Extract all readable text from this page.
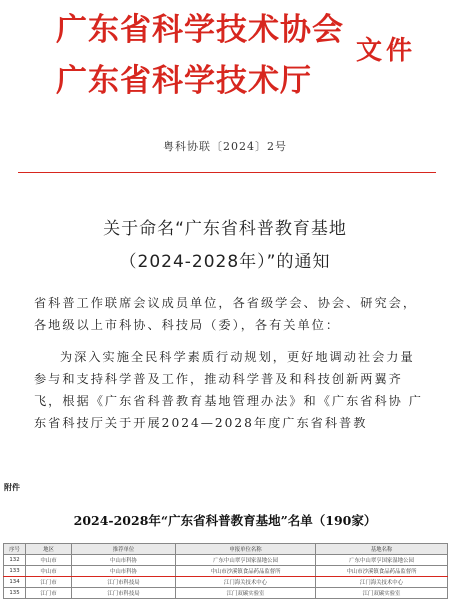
广东省科学技术协会
广东省科学技术厅
文件
粤科协联〔2024〕2号
关于命名“广东省科普教育基地
（2024-2028年）”的通知

省科普工作联席会议成员单位，各省级学会、协会、研究会，各地级以上市科协、科技局（委），各有关单位：

为深入实施全民科学素质行动规划，更好地调动社会力量参与和支持科学普及工作，推动科学普及和科技创新两翼齐飞，根据《广东省科普教育基地管理办法》和《广东省科协 广东省科技厅关于开展2024—2028年度广东省科普教

附件
2024-2028年“广东省科普教育基地”名单（190家）
序号	地区	推荐单位	申报单位名称	基地名称
132	中山市	中山市科协	广东中山翠亨国家湿地公园	广东中山翠亨国家湿地公园
133	中山市	中山市科协	中山市沙溪镇食品药品监督所	中山市沙溪镇食品药品监督所
134	江门市	江门市科技局	江门海关技术中心	江门海关技术中心
135	江门市	江门市科技局	江门双碳实验室	江门双碳实验室
